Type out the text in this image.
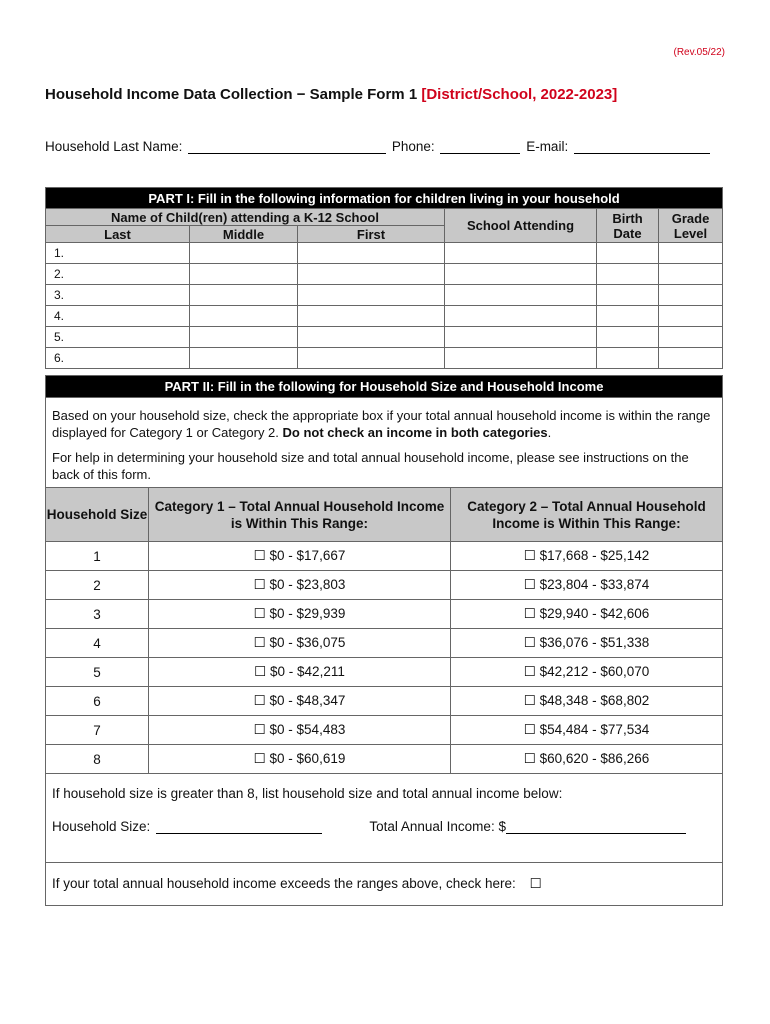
(Rev.05/22)
Household Income Data Collection − Sample Form 1 [District/School, 2022-2023]
Household Last Name:	Phone:	E-mail:
PART I: Fill in the following information for children living in your household					
Name of Child(ren) attending a K-12 School			School Attending	Birth Date	Grade Level
Last	Middle	First			
1.					
2.					
3.					
4.					
5.					
6.					
PART II: Fill in the following for Household Size and Household Income		

Based on your household size, check the appropriate box if your total annual household income is within the range displayed for Category 1 or Category 2. Do not check an income in both categories.

For help in determining your household size and total annual household income, please see instructions on the back of this form.		

Household Size	Category 1 – Total Annual Household Income is Within This Range:	Category 2 – Total Annual Household Income is Within This Range:
1	☐ $0 - $17,667	☐ $17,668 - $25,142
2	☐ $0 - $23,803	☐ $23,804 - $33,874
3	☐ $0 - $29,939	☐ $29,940 - $42,606
4	☐ $0 - $36,075	☐ $36,076 - $51,338
5	☐ $0 - $42,211	☐ $42,212 - $60,070
6	☐ $0 - $48,347	☐ $48,348 - $68,802
7	☐ $0 - $54,483	☐ $54,484 - $77,534
8	☐ $0 - $60,619	☐ $60,620 - $86,266

If household size is greater than 8, list household size and total annual income below:
Household Size: Total Annual Income: $		

If your total annual household income exceeds the ranges above, check here: ☐		
